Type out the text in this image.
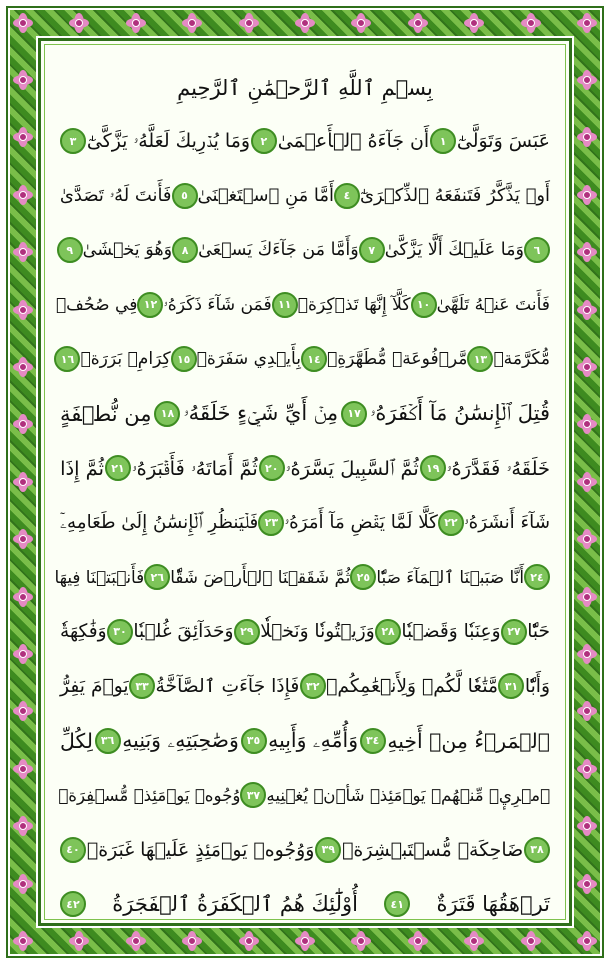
بِسۡمِ ٱللَّهِ ٱلرَّحۡمَٰنِ ٱلرَّحِيمِ
عَبَسَ وَتَوَلَّىٰٓ
١
أَن جَآءَهُ ٱلۡأَعۡمَىٰ
٢
وَمَا يُدۡرِيكَ لَعَلَّهُۥ يَزَّكَّىٰٓ
٣
أَوۡ يَذَّكَّرُ فَتَنفَعَهُ ٱلذِّكۡرَىٰٓ
٤
أَمَّا مَنِ ٱسۡتَغۡنَىٰ
٥
فَأَنتَ لَهُۥ تَصَدَّىٰ
٦
وَمَا عَلَيۡكَ أَلَّا يَزَّكَّىٰ
٧
وَأَمَّا مَن جَآءَكَ يَسۡعَىٰ
٨
وَهُوَ يَخۡشَىٰ
٩
فَأَنتَ عَنۡهُ تَلَهَّىٰ
١٠
كَلَّآ إِنَّهَا تَذۡكِرَةٞ
١١
فَمَن شَآءَ ذَكَرَهُۥ
١٢
فِي صُحُفٖ
مُّكَرَّمَةٖ
١٣
مَّرۡفُوعَةٖ مُّطَهَّرَةِۭ
١٤
بِأَيۡدِي سَفَرَةٖ
١٥
كِرَامِۭ بَرَرَةٖ
١٦
قُتِلَ ٱلۡإِنسَٰنُ مَآ أَكۡفَرَهُۥ
١٧
مِنۡ أَيِّ شَيۡءٍ خَلَقَهُۥ
١٨
مِن نُّطۡفَةٍ
خَلَقَهُۥ فَقَدَّرَهُۥ
١٩
ثُمَّ ٱلسَّبِيلَ يَسَّرَهُۥ
٢٠
ثُمَّ أَمَاتَهُۥ فَأَقۡبَرَهُۥ
٢١
ثُمَّ إِذَا
شَآءَ أَنشَرَهُۥ
٢٢
كَلَّا لَمَّا يَقۡضِ مَآ أَمَرَهُۥ
٢٣
فَلۡيَنظُرِ ٱلۡإِنسَٰنُ إِلَىٰ طَعَامِهِۦٓ
٢٤
أَنَّا صَبَبۡنَا ٱلۡمَآءَ صَبّٗا
٢٥
ثُمَّ شَقَقۡنَا ٱلۡأَرۡضَ شَقّٗا
٢٦
فَأَنۢبَتۡنَا فِيهَا
حَبّٗا
٢٧
وَعِنَبٗا وَقَضۡبٗا
٢٨
وَزَيۡتُونٗا وَنَخۡلٗا
٢٩
وَحَدَآئِقَ غُلۡبٗا
٣٠
وَفَٰكِهَةٗ
وَأَبّٗا
٣١
مَّتَٰعٗا لَّكُمۡ وَلِأَنۡعَٰمِكُمۡ
٣٢
فَإِذَا جَآءَتِ ٱلصَّآخَّةُ
٣٣
يَوۡمَ يَفِرُّ
ٱلۡمَرۡءُ مِنۡ أَخِيهِ
٣٤
وَأُمِّهِۦ وَأَبِيهِ
٣٥
وَصَٰحِبَتِهِۦ وَبَنِيهِ
٣٦
لِكُلِّ
ٱمۡرِيٕٖ مِّنۡهُمۡ يَوۡمَئِذٖ شَأۡنٞ يُغۡنِيهِ
٣٧
وُجُوهٞ يَوۡمَئِذٖ مُّسۡفِرَةٞ
٣٨
ضَاحِكَةٞ مُّسۡتَبۡشِرَةٞ
٣٩
وَوُجُوهٞ يَوۡمَئِذٍ عَلَيۡهَا غَبَرَةٞ
٤٠
تَرۡهَقُهَا قَتَرَةٌ
٤١
أُوْلَٰٓئِكَ هُمُ ٱلۡكَفَرَةُ ٱلۡفَجَرَةُ
٤٢
